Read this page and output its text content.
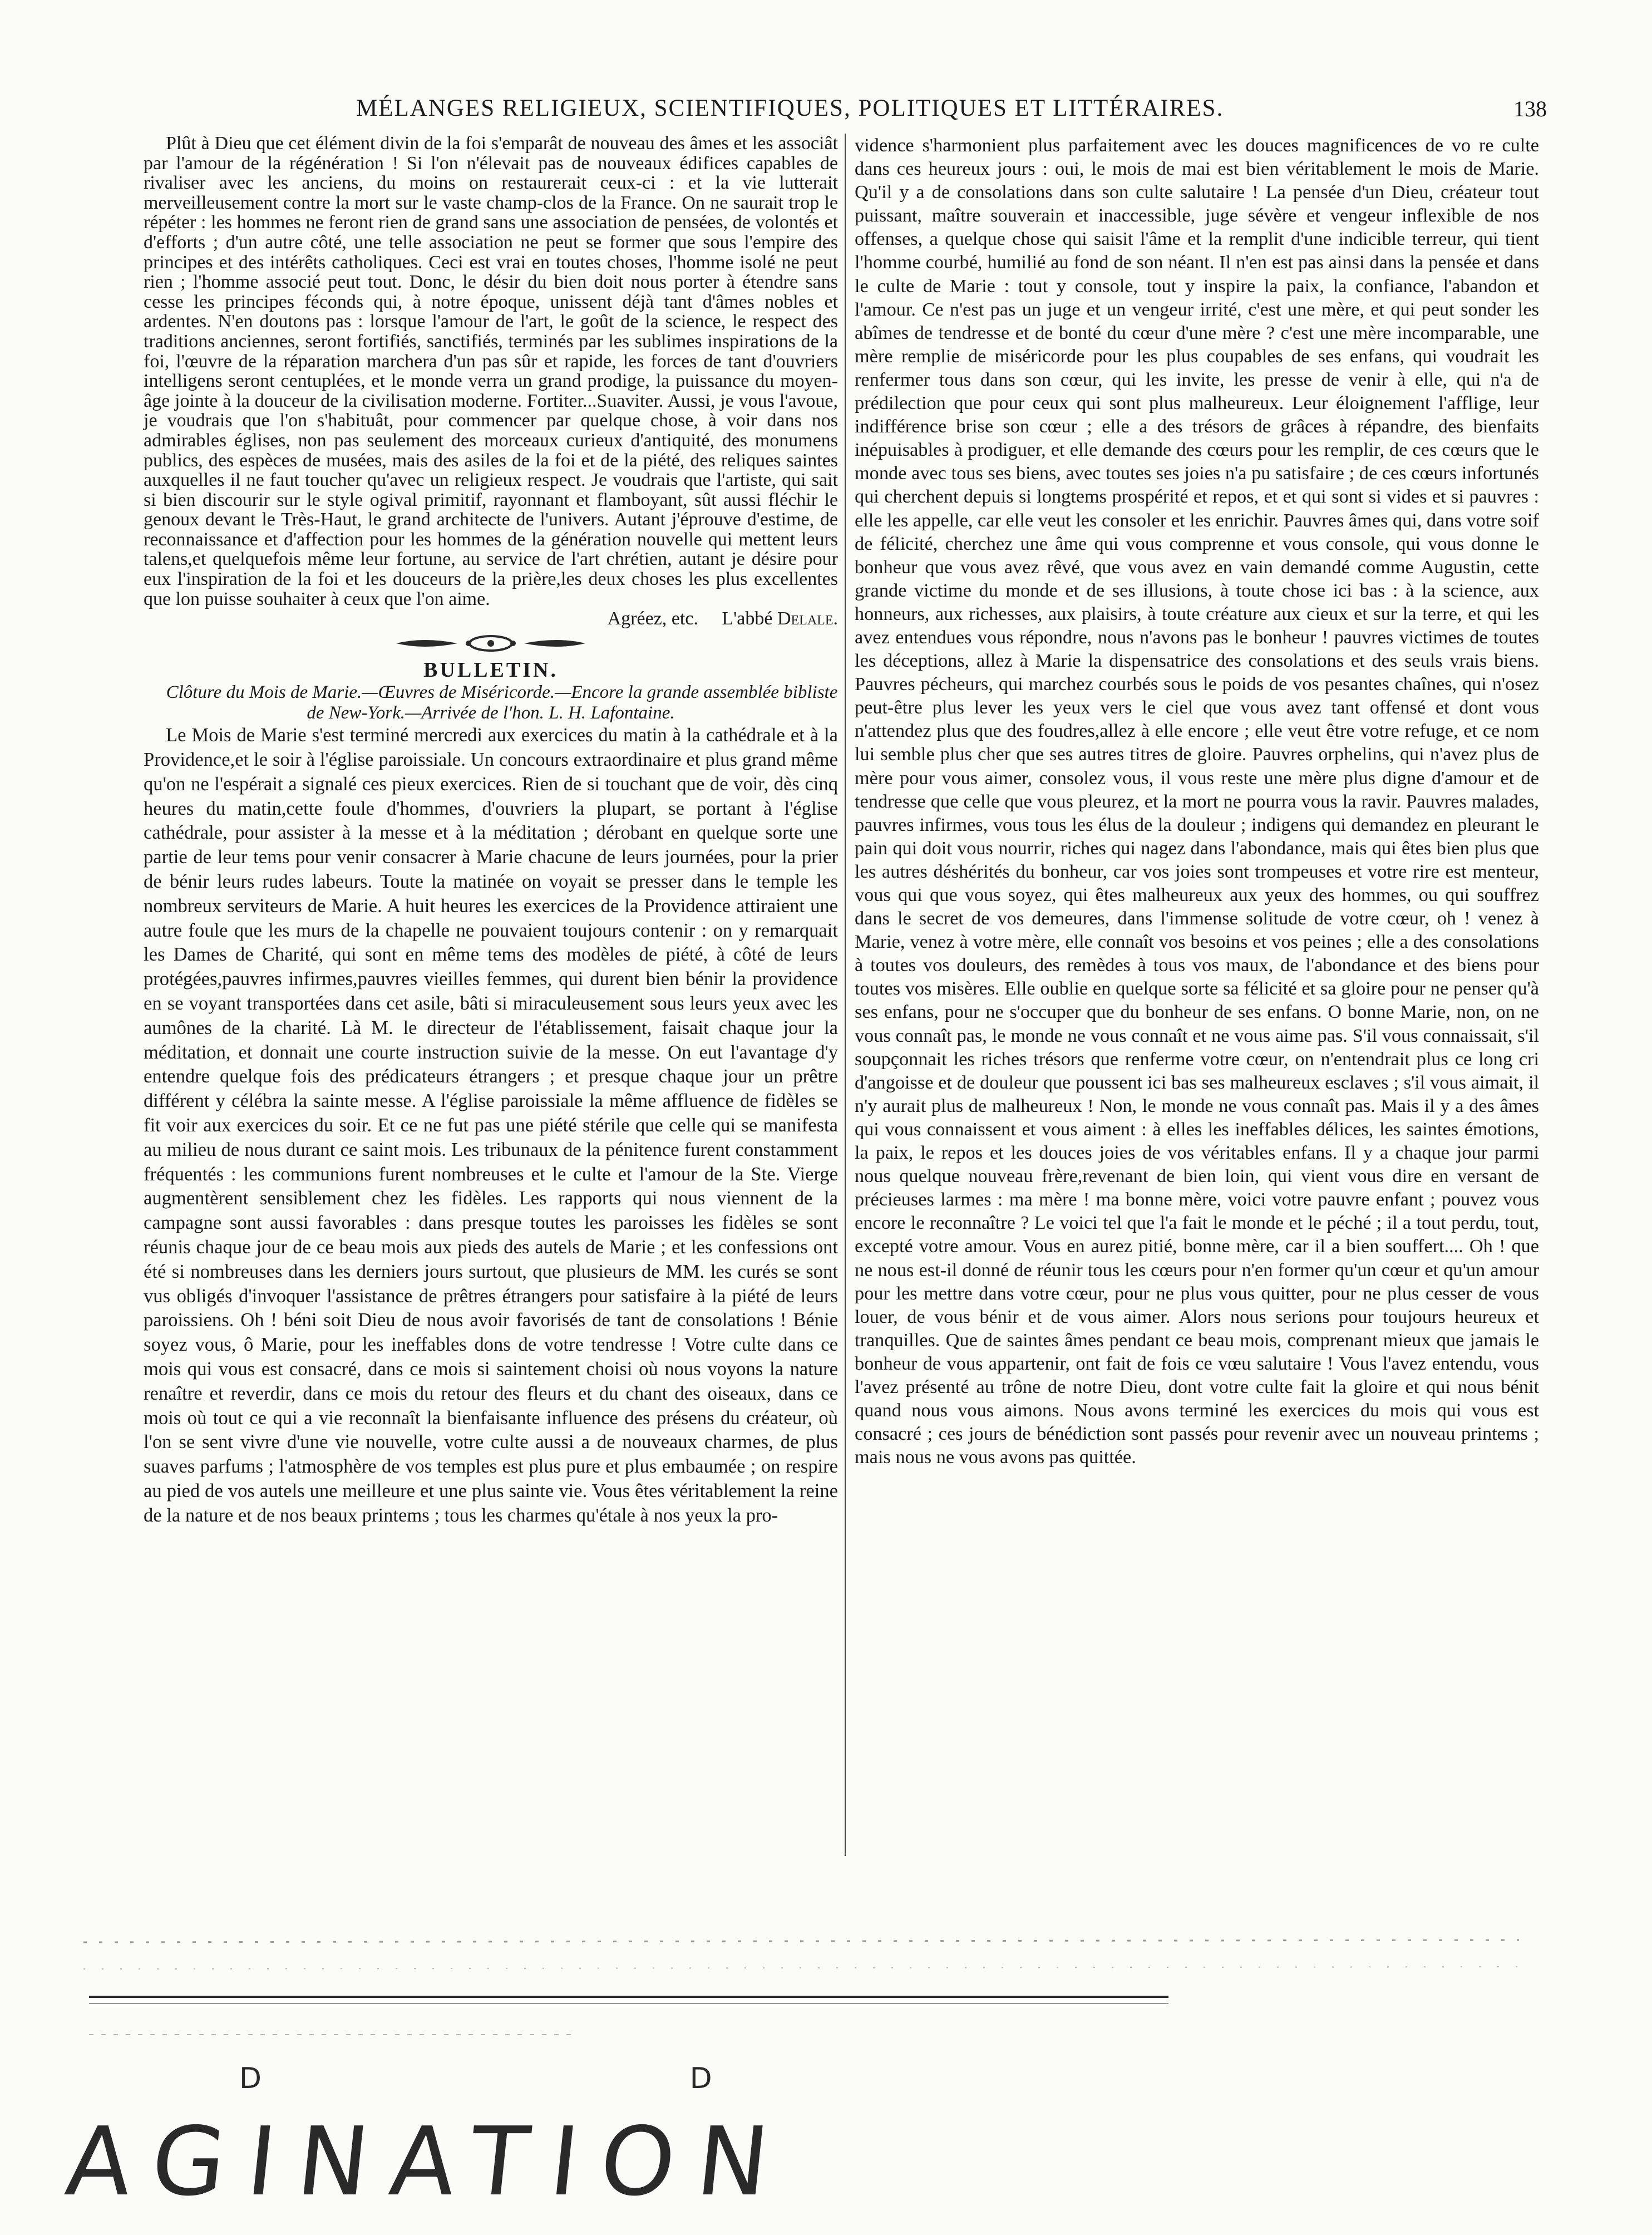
MÉLANGES RELIGIEUX, SCIENTIFIQUES, POLITIQUES ET LITTÉRAIRES.	138

Plût à Dieu que cet élément divin de la foi s'emparât de nouveau des âmes et les associât par l'amour de la régénération ! Si l'on n'élevait pas de nouveaux édifices capables de rivaliser avec les anciens, du moins on restaurerait ceux-ci : et la vie lutterait merveilleusement contre la mort sur le vaste champ-clos de la France. On ne saurait trop le répéter : les hommes ne feront rien de grand sans une association de pensées, de volontés et d'efforts ; d'un autre côté, une telle association ne peut se former que sous l'empire des principes et des intérêts catholiques. Ceci est vrai en toutes choses, l'homme isolé ne peut rien ; l'homme associé peut tout. Donc, le désir du bien doit nous porter à étendre sans cesse les principes féconds qui, à notre époque, unissent déjà tant d'âmes nobles et ardentes. N'en doutons pas : lorsque l'amour de l'art, le goût de la science, le respect des traditions anciennes, seront fortifiés, sanctifiés, terminés par les sublimes inspirations de la foi, l'œuvre de la réparation marchera d'un pas sûr et rapide, les forces de tant d'ouvriers intelligens seront centuplées, et le monde verra un grand prodige, la puissance du moyen-âge jointe à la douceur de la civilisation moderne. Fortiter...Suaviter. Aussi, je vous l'avoue, je voudrais que l'on s'habituât, pour commencer par quelque chose, à voir dans nos admirables églises, non pas seulement des morceaux curieux d'antiquité, des monumens publics, des espèces de musées, mais des asiles de la foi et de la piété, des reliques saintes auxquelles il ne faut toucher qu'avec un religieux respect. Je voudrais que l'artiste, qui sait si bien discourir sur le style ogival primitif, rayonnant et flamboyant, sût aussi fléchir le genoux devant le Très-Haut, le grand architecte de l'univers. Autant j'éprouve d'estime, de reconnaissance et d'affection pour les hommes de la génération nouvelle qui mettent leurs talens,et quelquefois même leur fortune, au service de l'art chrétien, autant je désire pour eux l'inspiration de la foi et les douceurs de la prière,les deux choses les plus excellentes que lon puisse souhaiter à ceux que l'on aime.

Agréez, etc. L'abbé Delale.

BULLETIN.

Clôture du Mois de Marie.—Œuvres de Miséricorde.—Encore la grande assemblée bibliste de New-York.—Arrivée de l'hon. L. H. Lafontaine.

Le Mois de Marie s'est terminé mercredi aux exercices du matin à la cathédrale et à la Providence,et le soir à l'église paroissiale. Un concours extraordinaire et plus grand même qu'on ne l'espérait a signalé ces pieux exercices. Rien de si touchant que de voir, dès cinq heures du matin,cette foule d'hommes, d'ouvriers la plupart, se portant à l'église cathédrale, pour assister à la messe et à la méditation ; dérobant en quelque sorte une partie de leur tems pour venir consacrer à Marie chacune de leurs journées, pour la prier de bénir leurs rudes labeurs. Toute la matinée on voyait se presser dans le temple les nombreux serviteurs de Marie. A huit heures les exercices de la Providence attiraient une autre foule que les murs de la chapelle ne pouvaient toujours contenir : on y remarquait les Dames de Charité, qui sont en même tems des modèles de piété, à côté de leurs protégées,pauvres infirmes,pauvres vieilles femmes, qui durent bien bénir la providence en se voyant transportées dans cet asile, bâti si miraculeusement sous leurs yeux avec les aumônes de la charité. Là M. le directeur de l'établissement, faisait chaque jour la méditation, et donnait une courte instruction suivie de la messe. On eut l'avantage d'y entendre quelque fois des prédicateurs étrangers ; et presque chaque jour un prêtre différent y célébra la sainte messe. A l'église paroissiale la même affluence de fidèles se fit voir aux exercices du soir. Et ce ne fut pas une piété stérile que celle qui se manifesta au milieu de nous durant ce saint mois. Les tribunaux de la pénitence furent constamment fréquentés : les communions furent nombreuses et le culte et l'amour de la Ste. Vierge augmentèrent sensiblement chez les fidèles. Les rapports qui nous viennent de la campagne sont aussi favorables : dans presque toutes les paroisses les fidèles se sont réunis chaque jour de ce beau mois aux pieds des autels de Marie ; et les confessions ont été si nombreuses dans les derniers jours surtout, que plusieurs de MM. les curés se sont vus obligés d'invoquer l'assistance de prêtres étrangers pour satisfaire à la piété de leurs paroissiens. Oh ! béni soit Dieu de nous avoir favorisés de tant de consolations ! Bénie soyez vous, ô Marie, pour les ineffables dons de votre tendresse ! Votre culte dans ce mois qui vous est consacré, dans ce mois si saintement choisi où nous voyons la nature renaître et reverdir, dans ce mois du retour des fleurs et du chant des oiseaux, dans ce mois où tout ce qui a vie reconnaît la bienfaisante influence des présens du créateur, où l'on se sent vivre d'une vie nouvelle, votre culte aussi a de nouveaux charmes, de plus suaves parfums ; l'atmosphère de vos temples est plus pure et plus embaumée ; on respire au pied de vos autels une meilleure et une plus sainte vie. Vous êtes véritablement la reine de la nature et de nos beaux printems ; tous les charmes qu'étale à nos yeux la pro-

vidence s'harmonient plus parfaitement avec les douces magnificences de vo re culte dans ces heureux jours : oui, le mois de mai est bien véritablement le mois de Marie. Qu'il y a de consolations dans son culte salutaire ! La pensée d'un Dieu, créateur tout puissant, maître souverain et inaccessible, juge sévère et vengeur inflexible de nos offenses, a quelque chose qui saisit l'âme et la remplit d'une indicible terreur, qui tient l'homme courbé, humilié au fond de son néant. Il n'en est pas ainsi dans la pensée et dans le culte de Marie : tout y console, tout y inspire la paix, la confiance, l'abandon et l'amour. Ce n'est pas un juge et un vengeur irrité, c'est une mère, et qui peut sonder les abîmes de tendresse et de bonté du cœur d'une mère ? c'est une mère incomparable, une mère remplie de miséricorde pour les plus coupables de ses enfans, qui voudrait les renfermer tous dans son cœur, qui les invite, les presse de venir à elle, qui n'a de prédilection que pour ceux qui sont plus malheureux. Leur éloignement l'afflige, leur indifférence brise son cœur ; elle a des trésors de grâces à répandre, des bienfaits inépuisables à prodiguer, et elle demande des cœurs pour les remplir, de ces cœurs que le monde avec tous ses biens, avec toutes ses joies n'a pu satisfaire ; de ces cœurs infortunés qui cherchent depuis si longtems prospérité et repos, et et qui sont si vides et si pauvres : elle les appelle, car elle veut les consoler et les enrichir. Pauvres âmes qui, dans votre soif de félicité, cherchez une âme qui vous comprenne et vous console, qui vous donne le bonheur que vous avez rêvé, que vous avez en vain demandé comme Augustin, cette grande victime du monde et de ses illusions, à toute chose ici bas : à la science, aux honneurs, aux richesses, aux plaisirs, à toute créature aux cieux et sur la terre, et qui les avez entendues vous répondre, nous n'avons pas le bonheur ! pauvres victimes de toutes les déceptions, allez à Marie la dispensatrice des consolations et des seuls vrais biens. Pauvres pécheurs, qui marchez courbés sous le poids de vos pesantes chaînes, qui n'osez peut-être plus lever les yeux vers le ciel que vous avez tant offensé et dont vous n'attendez plus que des foudres,allez à elle encore ; elle veut être votre refuge, et ce nom lui semble plus cher que ses autres titres de gloire. Pauvres orphelins, qui n'avez plus de mère pour vous aimer, consolez vous, il vous reste une mère plus digne d'amour et de tendresse que celle que vous pleurez, et la mort ne pourra vous la ravir. Pauvres malades, pauvres infirmes, vous tous les élus de la douleur ; indigens qui demandez en pleurant le pain qui doit vous nourrir, riches qui nagez dans l'abondance, mais qui êtes bien plus que les autres déshérités du bonheur, car vos joies sont trompeuses et votre rire est menteur, vous qui que vous soyez, qui êtes malheureux aux yeux des hommes, ou qui souffrez dans le secret de vos demeures, dans l'immense solitude de votre cœur, oh ! venez à Marie, venez à votre mère, elle connaît vos besoins et vos peines ; elle a des consolations à toutes vos douleurs, des remèdes à tous vos maux, de l'abondance et des biens pour toutes vos misères. Elle oublie en quelque sorte sa félicité et sa gloire pour ne penser qu'à ses enfans, pour ne s'occuper que du bonheur de ses enfans. O bonne Marie, non, on ne vous connaît pas, le monde ne vous connaît et ne vous aime pas. S'il vous connaissait, s'il soupçonnait les riches trésors que renferme votre cœur, on n'entendrait plus ce long cri d'angoisse et de douleur que poussent ici bas ses malheureux esclaves ; s'il vous aimait, il n'y aurait plus de malheureux ! Non, le monde ne vous connaît pas. Mais il y a des âmes qui vous connaissent et vous aiment : à elles les ineffables délices, les saintes émotions, la paix, le repos et les douces joies de vos véritables enfans. Il y a chaque jour parmi nous quelque nouveau frère,revenant de bien loin, qui vient vous dire en versant de précieuses larmes : ma mère ! ma bonne mère, voici votre pauvre enfant ; pouvez vous encore le reconnaître ? Le voici tel que l'a fait le monde et le péché ; il a tout perdu, tout, excepté votre amour. Vous en aurez pitié, bonne mère, car il a bien souffert.... Oh ! que ne nous est-il donné de réunir tous les cœurs pour n'en former qu'un cœur et qu'un amour pour les mettre dans votre cœur, pour ne plus vous quitter, pour ne plus cesser de vous louer, de vous bénir et de vous aimer. Alors nous serions pour toujours heureux et tranquilles. Que de saintes âmes pendant ce beau mois, comprenant mieux que jamais le bonheur de vous appartenir, ont fait de fois ce vœu salutaire ! Vous l'avez entendu, vous l'avez présenté au trône de notre Dieu, dont votre culte fait la gloire et qui nous bénit quand nous vous aimons. Nous avons terminé les exercices du mois qui vous est consacré ; ces jours de bénédiction sont passés pour revenir avec un nouveau printems ; mais nous ne vous avons pas quittée.

D   D
AGINATION
